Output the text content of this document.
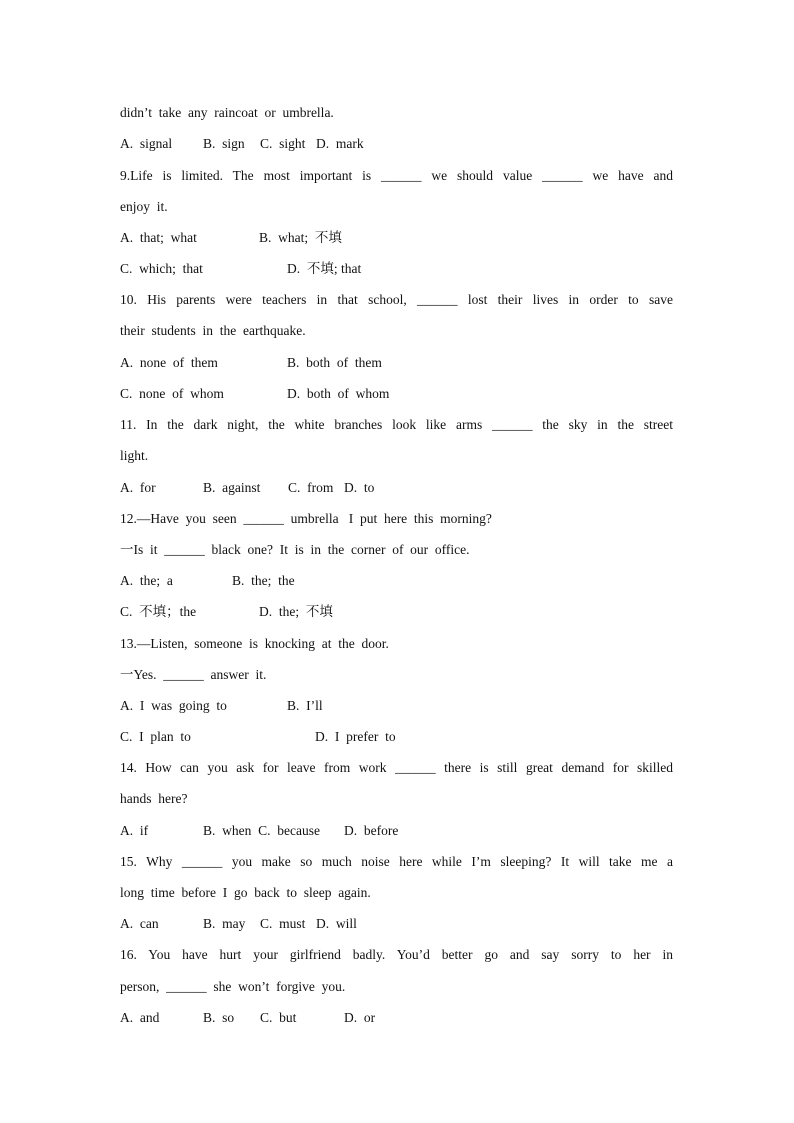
didn’t  take  any  raincoat  or  umbrella.
A.  signal B.  sign C.  sight D.  mark
9.Life is limited. The most important is ______ we should value ______ we have and
enjoy  it.
A.  that;  what	B.  what;  不填
C.  which;  that	D.  不填; that
10. His parents were teachers in that school, ______ lost their lives in order to save
their  students  in  the  earthquake.
A.  none  of  them	B.  both  of  them
C.  none  of  whom	D.  both  of  whom
11. In the dark night, the white branches look like arms ______ the sky in the street
light.
A.  for	B.  against C.  from D.  to
12.—Have  you  seen  ______  umbrella   I  put  here  this  morning?
一Is  it  ______  black  one?  It  is  in  the  corner  of  our  office.
A.  the;  a	B.  the;  the
C.  不填；the	D.  the;  不填
13.—Listen,  someone  is  knocking  at  the  door.
一Yes.  ______  answer  it.
A.  I  was  going  to	B.  I’ll
C.  I  plan  to	D.  I  prefer  to
14. How can you ask for leave from work ______ there is still great demand for skilled
hands  here?
A.  if	B.  when  C.  because D.  before
15. Why ______ you make so much noise here while I’m sleeping? It will take me a
long  time  before  I  go  back  to  sleep  again.
A.  can	B.  may C.  must D.  will
16. You have hurt your girlfriend badly. You’d better go and say sorry to her in
person,  ______  she  won’t  forgive  you.
A.  and	B.  so C.  but	D.  or
